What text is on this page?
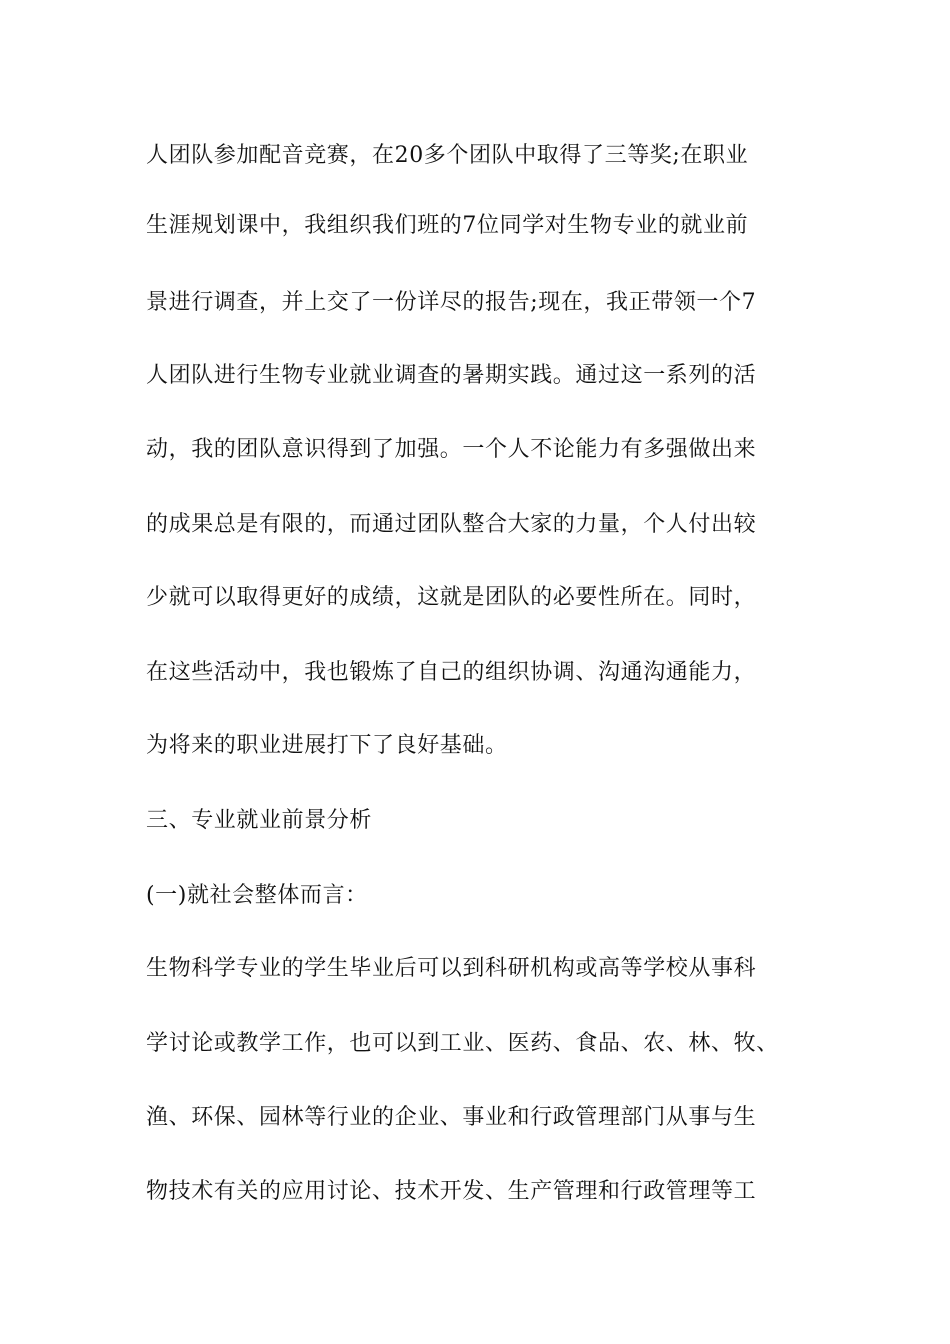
人团队参加配音竞赛，在20多个团队中取得了三等奖;在职业
生涯规划课中，我组织我们班的7位同学对生物专业的就业前
景进行调查，并上交了一份详尽的报告;现在，我正带领一个7
人团队进行生物专业就业调查的暑期实践。通过这一系列的活
动，我的团队意识得到了加强。一个人不论能力有多强做出来
的成果总是有限的，而通过团队整合大家的力量，个人付出较
少就可以取得更好的成绩，这就是团队的必要性所在。同时，
在这些活动中，我也锻炼了自己的组织协调、沟通沟通能力，
为将来的职业进展打下了良好基础。
三、专业就业前景分析
(一)就社会整体而言：
生物科学专业的学生毕业后可以到科研机构或高等学校从事科
学讨论或教学工作，也可以到工业、医药、食品、农、林、牧、
渔、环保、园林等行业的企业、事业和行政管理部门从事与生
物技术有关的应用讨论、技术开发、生产管理和行政管理等工
